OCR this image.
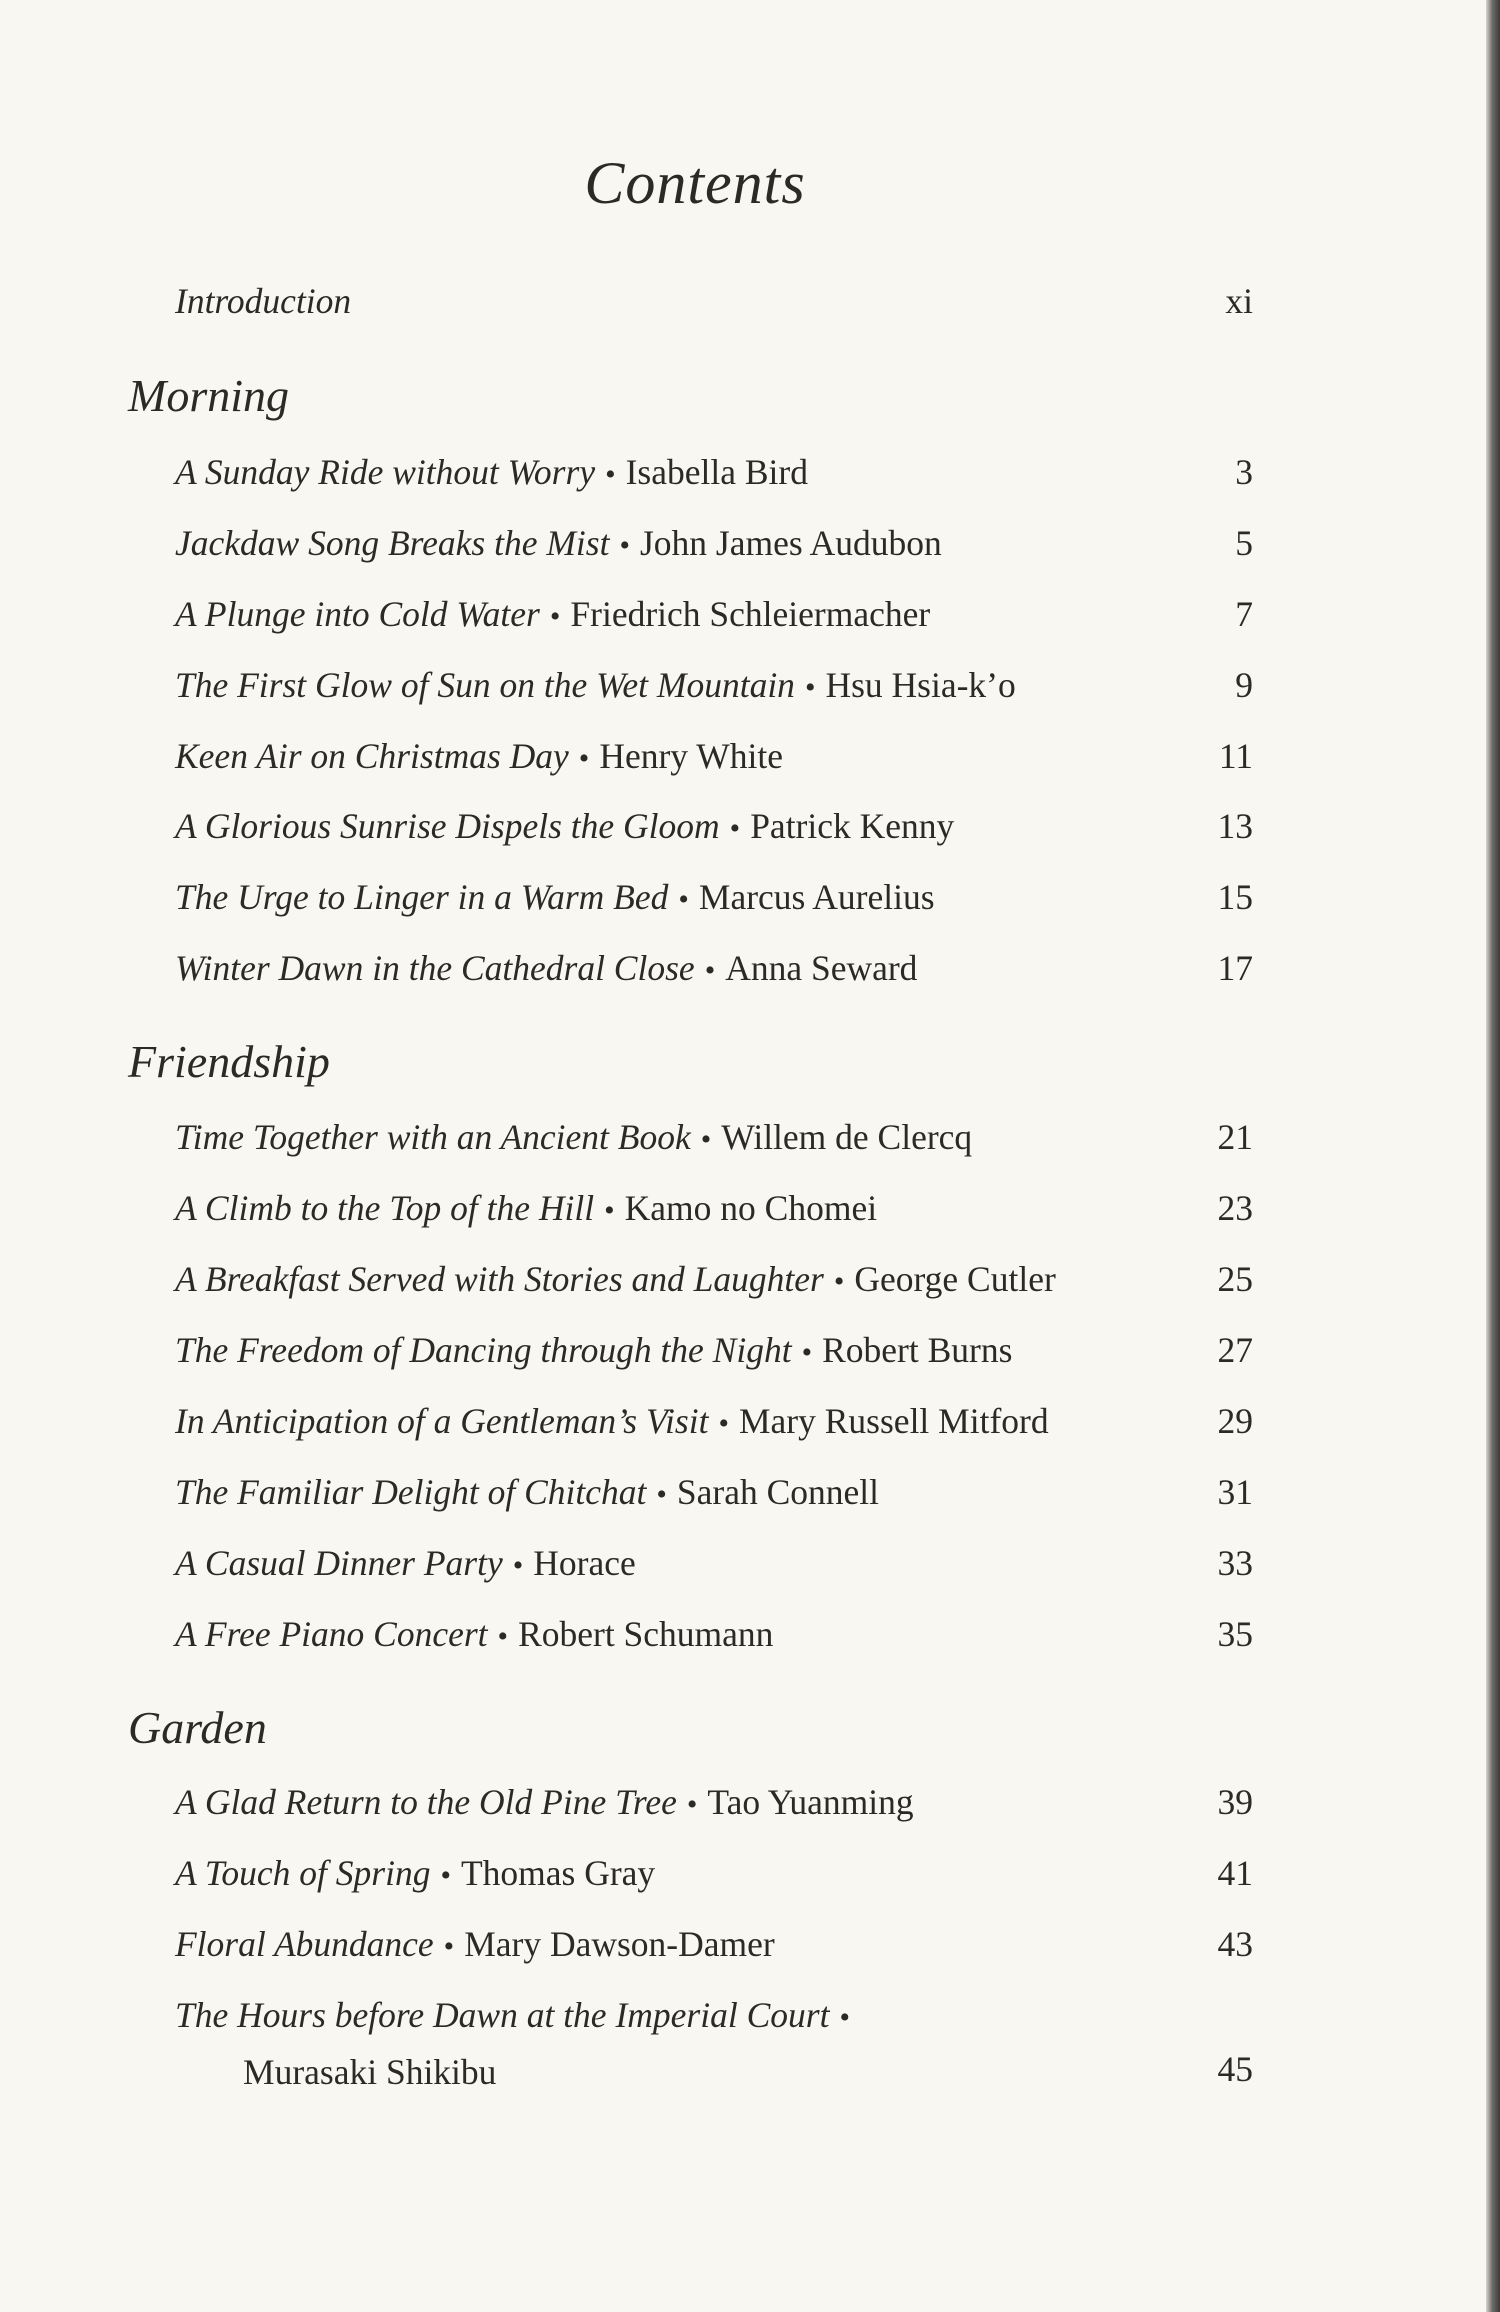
Contents
Introduction	xi
Morning
A Sunday Ride without Worry • Isabella Bird	3
Jackdaw Song Breaks the Mist • John James Audubon	5
A Plunge into Cold Water • Friedrich Schleiermacher	7
The First Glow of Sun on the Wet Mountain • Hsu Hsia-k’o	9
Keen Air on Christmas Day • Henry White	11
A Glorious Sunrise Dispels the Gloom • Patrick Kenny	13
The Urge to Linger in a Warm Bed • Marcus Aurelius	15
Winter Dawn in the Cathedral Close • Anna Seward	17
Friendship
Time Together with an Ancient Book • Willem de Clercq	21
A Climb to the Top of the Hill • Kamo no Chomei	23
A Breakfast Served with Stories and Laughter • George Cutler	25
The Freedom of Dancing through the Night • Robert Burns	27
In Anticipation of a Gentleman’s Visit • Mary Russell Mitford	29
The Familiar Delight of Chitchat • Sarah Connell	31
A Casual Dinner Party • Horace	33
A Free Piano Concert • Robert Schumann	35
Garden
A Glad Return to the Old Pine Tree • Tao Yuanming	39
A Touch of Spring • Thomas Gray	41
Floral Abundance • Mary Dawson-Damer	43
The Hours before Dawn at the Imperial Court •
Murasaki Shikibu	45
